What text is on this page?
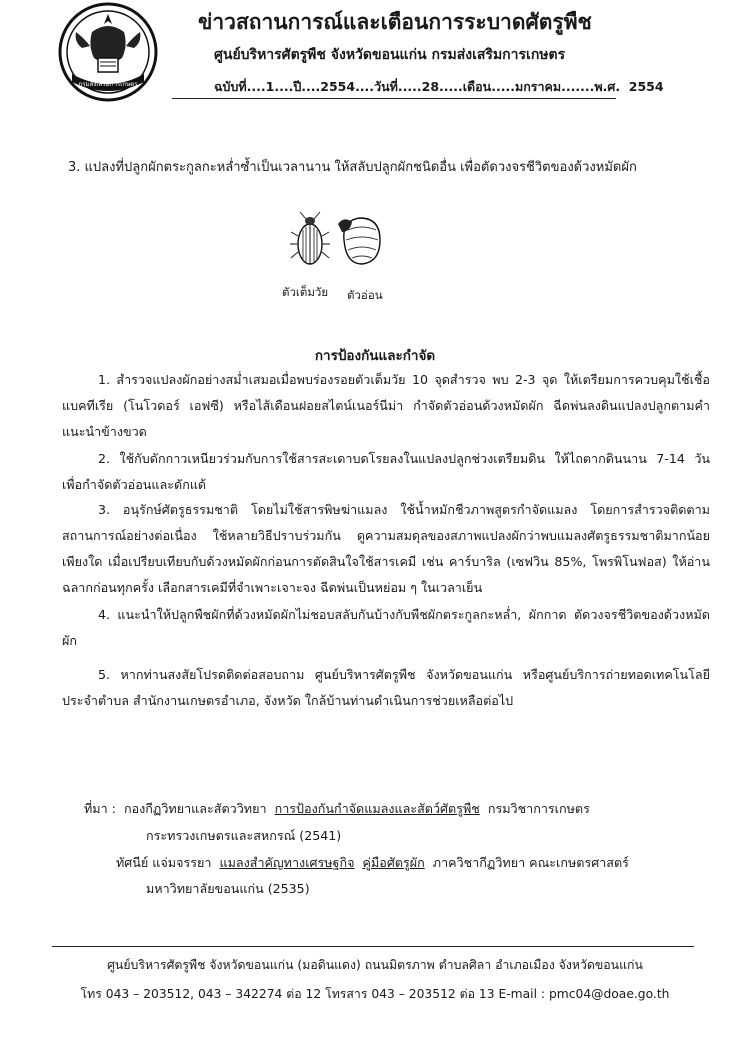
กรมส่งเสริมการเกษตร
ข่าวสถานการณ์และเตือนการระบาดศัตรูพืช
ศูนย์บริหารศัตรูพืช จังหวัดขอนแก่น กรมส่งเสริมการเกษตร
ฉบับที่....1....ปี....2554....วันที่.....28.....เดือน.....มกราคม.......พ.ศ. 2554
3. แปลงที่ปลูกผักตระกูลกะหล่ำซ้ำเป็นเวลานาน ให้สลับปลูกผักชนิดอื่น เพื่อตัดวงจรชีวิตของด้วงหมัดผัก
ตัวเต็มวัย ตัวอ่อน
การป้องกันและกำจัด
1. สำรวจแปลงผักอย่างสม่ำเสมอเมื่อพบร่องรอยตัวเต็มวัย 10 จุดสำรวจ พบ 2-3 จุด ให้เตรียมการควบคุมใช้เชื้อแบคทีเรีย (โนโวดอร์ เอฟซี) หรือไส้เดือนฝอยสไตน์เนอร์นีม่า กำจัดตัวอ่อนด้วงหมัดผัก ฉีดพ่นลงดินแปลงปลูกตามคำแนะนำข้างขวด
2. ใช้กับดักกาวเหนียวร่วมกับการใช้สารสะเดาบดโรยลงในแปลงปลูกช่วงเตรียมดิน ให้ไถตากดินนาน 7-14 วัน เพื่อกำจัดตัวอ่อนและดักแด้
3. อนุรักษ์ศัตรูธรรมชาติ โดยไม่ใช้สารพิษฆ่าแมลง ใช้น้ำหมักชีวภาพสูตรกำจัดแมลง โดยการสำรวจติดตามสถานการณ์อย่างต่อเนื่อง ใช้หลายวิธีปราบร่วมกัน ดูความสมดุลของสภาพแปลงผักว่าพบแมลงศัตรูธรรมชาติมากน้อยเพียงใด เมื่อเปรียบเทียบกับด้วงหมัดผักก่อนการตัดสินใจใช้สารเคมี เช่น คาร์บาริล (เซฟวิน 85%, โพรพิโนฟอส) ให้อ่านฉลากก่อนทุกครั้ง เลือกสารเคมีที่จำเพาะเจาะจง ฉีดพ่นเป็นหย่อม ๆ ในเวลาเย็น
4. แนะนำให้ปลูกพืชผักที่ด้วงหมัดผักไม่ชอบสลับกันบ้างกับพืชผักตระกูลกะหล่ำ, ผักกาด ตัดวงจรชีวิตของด้วงหมัดผัก
5. หากท่านสงสัยโปรดติดต่อสอบถาม ศูนย์บริหารศัตรูพืช จังหวัดขอนแก่น หรือศูนย์บริการถ่ายทอดเทคโนโลยีประจำตำบล สำนักงานเกษตรอำเภอ, จังหวัด ใกล้บ้านท่านดำเนินการช่วยเหลือต่อไป
ที่มา : กองกีฏวิทยาและสัตววิทยา การป้องกันกำจัดแมลงและสัตว์ศัตรูพืช กรมวิชาการเกษตร
กระทรวงเกษตรและสหกรณ์ (2541)
ทัศนีย์ แจ่มจรรยา แมลงสำคัญทางเศรษฐกิจ คู่มือศัตรูผัก ภาควิชากีฏวิทยา คณะเกษตรศาสตร์
มหาวิทยาลัยขอนแก่น (2535)
ศูนย์บริหารศัตรูพืช จังหวัดขอนแก่น (มอดินแดง) ถนนมิตรภาพ ตำบลศิลา อำเภอเมือง จังหวัดขอนแก่น
โทร 043 – 203512, 043 – 342274 ต่อ 12 โทรสาร 043 – 203512 ต่อ 13 E-mail : pmc04@doae.go.th
